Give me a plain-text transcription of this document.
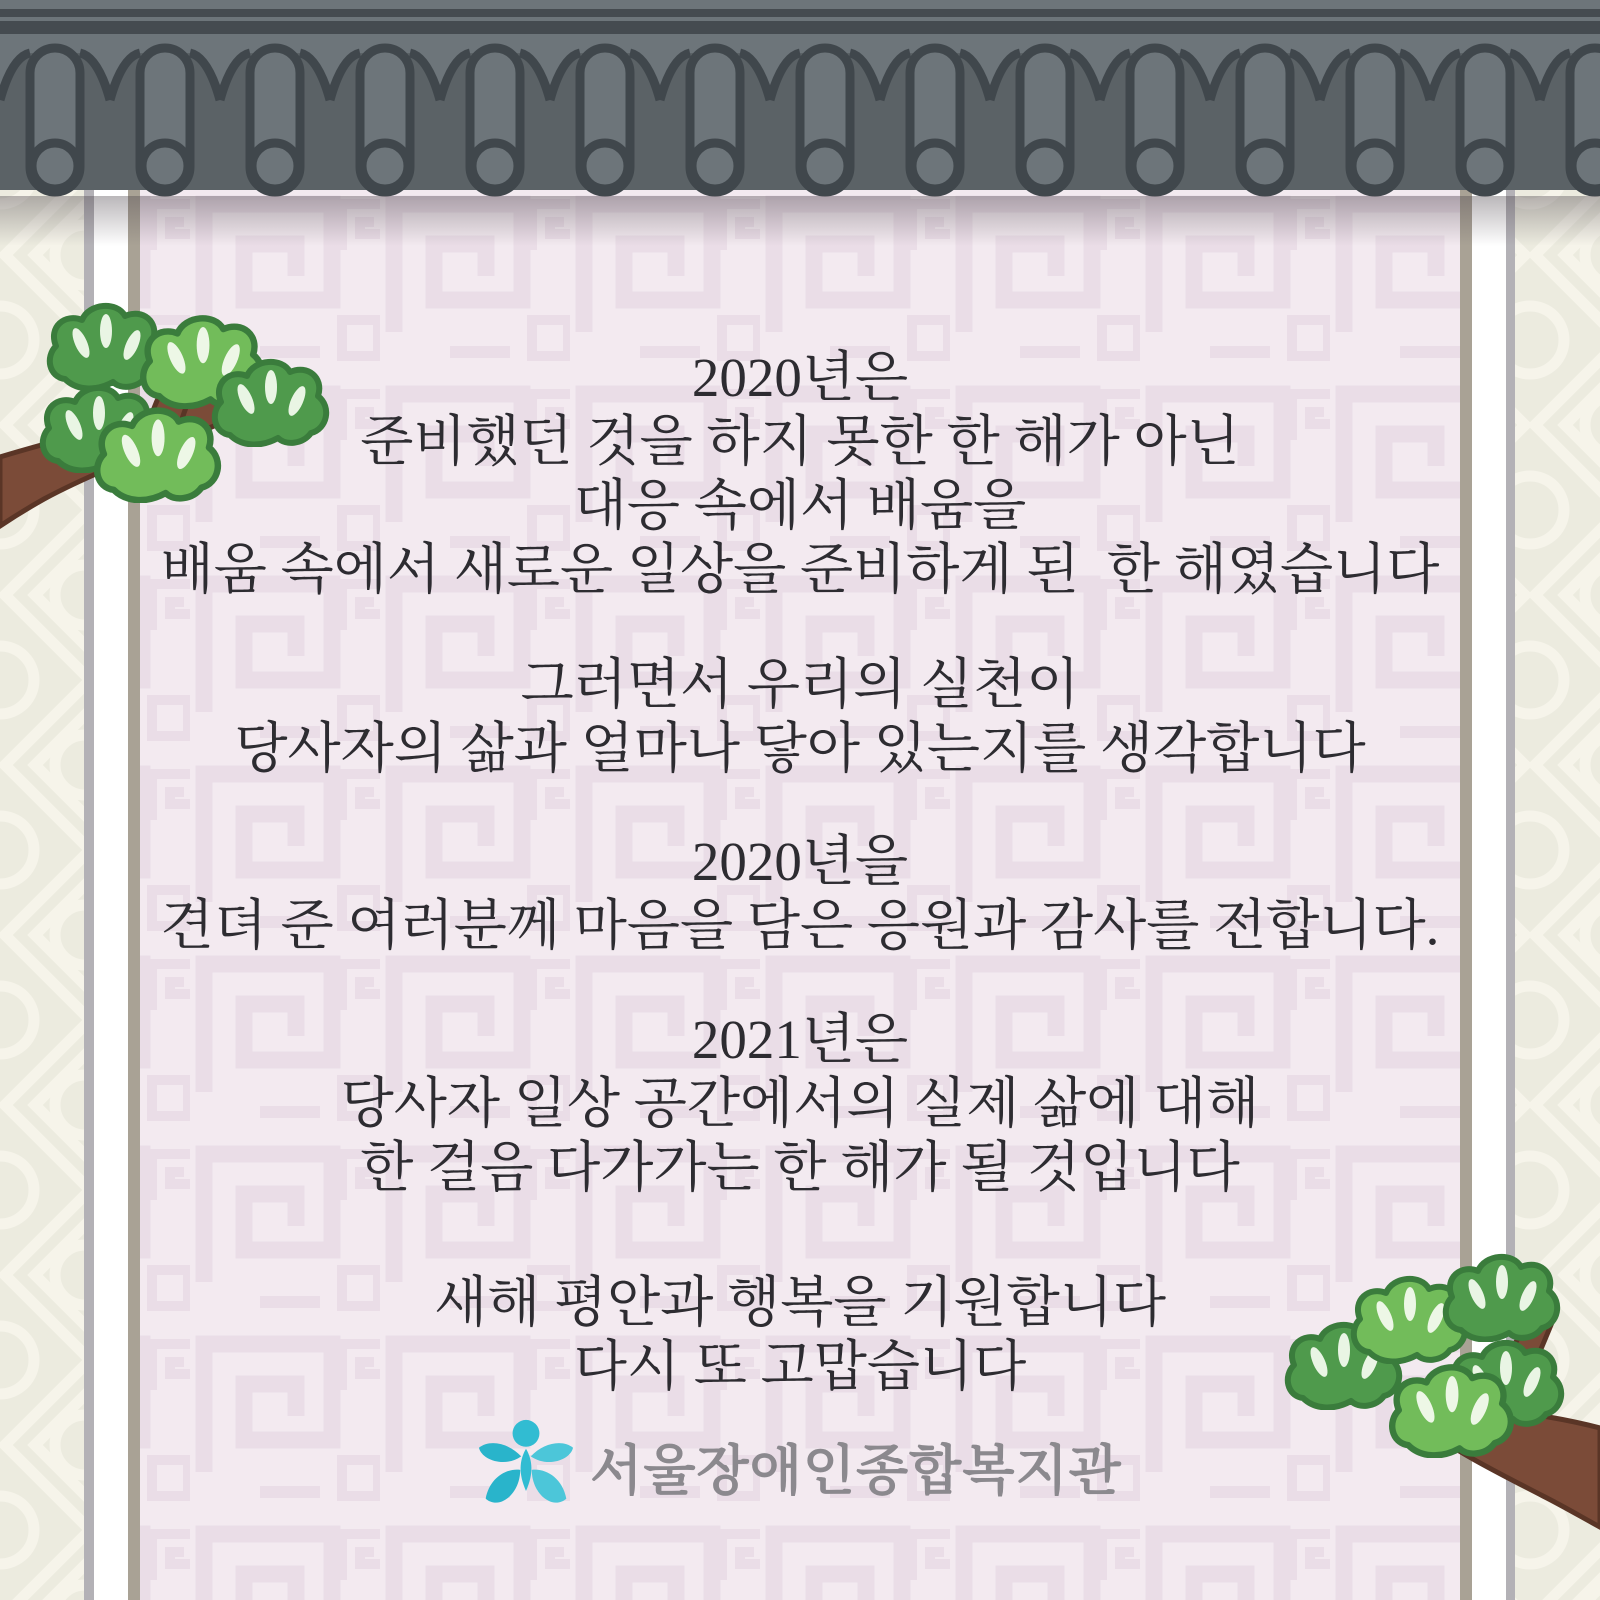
2020년은
준비했던 것을 하지 못한 한 해가 아닌
대응 속에서 배움을
배움 속에서 새로운 일상을 준비하게 된  한 해였습니다
그러면서 우리의 실천이
당사자의 삶과 얼마나 닿아 있는지를 생각합니다
2020년을
견뎌 준 여러분께 마음을 담은 응원과 감사를 전합니다.
2021년은
당사자 일상 공간에서의 실제 삶에 대해
한 걸음 다가가는 한 해가 될 것입니다
새해 평안과 행복을 기원합니다
다시 또 고맙습니다
서울장애인종합복지관
